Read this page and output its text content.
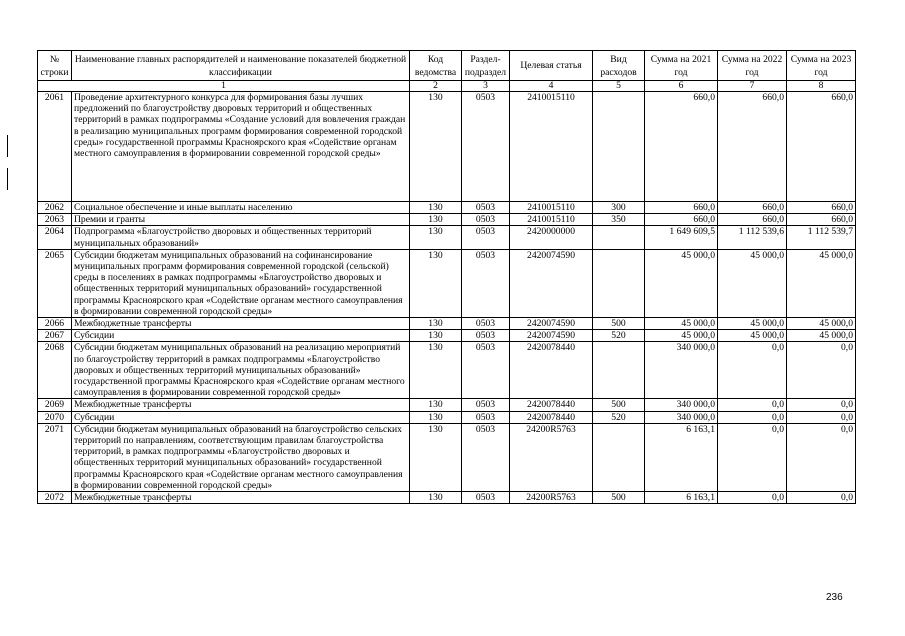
№ строки	Наименование главных распорядителей и наименование показателей бюджетной классификации	Код ведомства	Раздел-подраздел	Целевая статья	Вид расходов	Сумма на 2021 год	Сумма на 2022 год	Сумма на 2023 год
1		2	3	4	5	6	7	8
2061	Проведение архитектурного конкурса для формирования базы лучших предложений по благоустройству дворовых территорий и общественных территорий в рамках подпрограммы «Создание условий для вовлечения граждан в реализацию муниципальных программ формирования современной городской среды» государственной программы Красноярского края «Содействие органам местного самоуправления в формировании современной городской среды»	130	0503	2410015110		660,0	660,0	660,0
2062	Социальное обеспечение и иные выплаты населению	130	0503	2410015110	300	660,0	660,0	660,0
2063	Премии и гранты	130	0503	2410015110	350	660,0	660,0	660,0
2064	Подпрограмма «Благоустройство дворовых и общественных территорий муниципальных образований»	130	0503	2420000000		1 649 609,5	1 112 539,6	1 112 539,7
2065	Субсидии бюджетам муниципальных образований на софинансирование муниципальных программ формирования современной городской (сельской) среды в поселениях в рамках подпрограммы «Благоустройство дворовых и общественных территорий муниципальных образований» государственной программы Красноярского края «Содействие органам местного самоуправления в формировании современной городской среды»	130	0503	2420074590		45 000,0	45 000,0	45 000,0
2066	Межбюджетные трансферты	130	0503	2420074590	500	45 000,0	45 000,0	45 000,0
2067	Субсидии	130	0503	2420074590	520	45 000,0	45 000,0	45 000,0
2068	Субсидии бюджетам муниципальных образований на реализацию мероприятий по благоустройству территорий в рамках подпрограммы «Благоустройство дворовых и общественных территорий муниципальных образований» государственной программы Красноярского края «Содействие органам местного самоуправления в формировании современной городской среды»	130	0503	2420078440		340 000,0	0,0	0,0
2069	Межбюджетные трансферты	130	0503	2420078440	500	340 000,0	0,0	0,0
2070	Субсидии	130	0503	2420078440	520	340 000,0	0,0	0,0
2071	Субсидии бюджетам муниципальных образований на благоустройство сельских территорий по направлениям, соответствующим правилам благоустройства территорий, в рамках подпрограммы «Благоустройство дворовых и общественных территорий муниципальных образований» государственной программы Красноярского края «Содействие органам местного самоуправления в формировании современной городской среды»	130	0503	24200R5763		6 163,1	0,0	0,0
2072	Межбюджетные трансферты	130	0503	24200R5763	500	6 163,1	0,0	0,0
236
